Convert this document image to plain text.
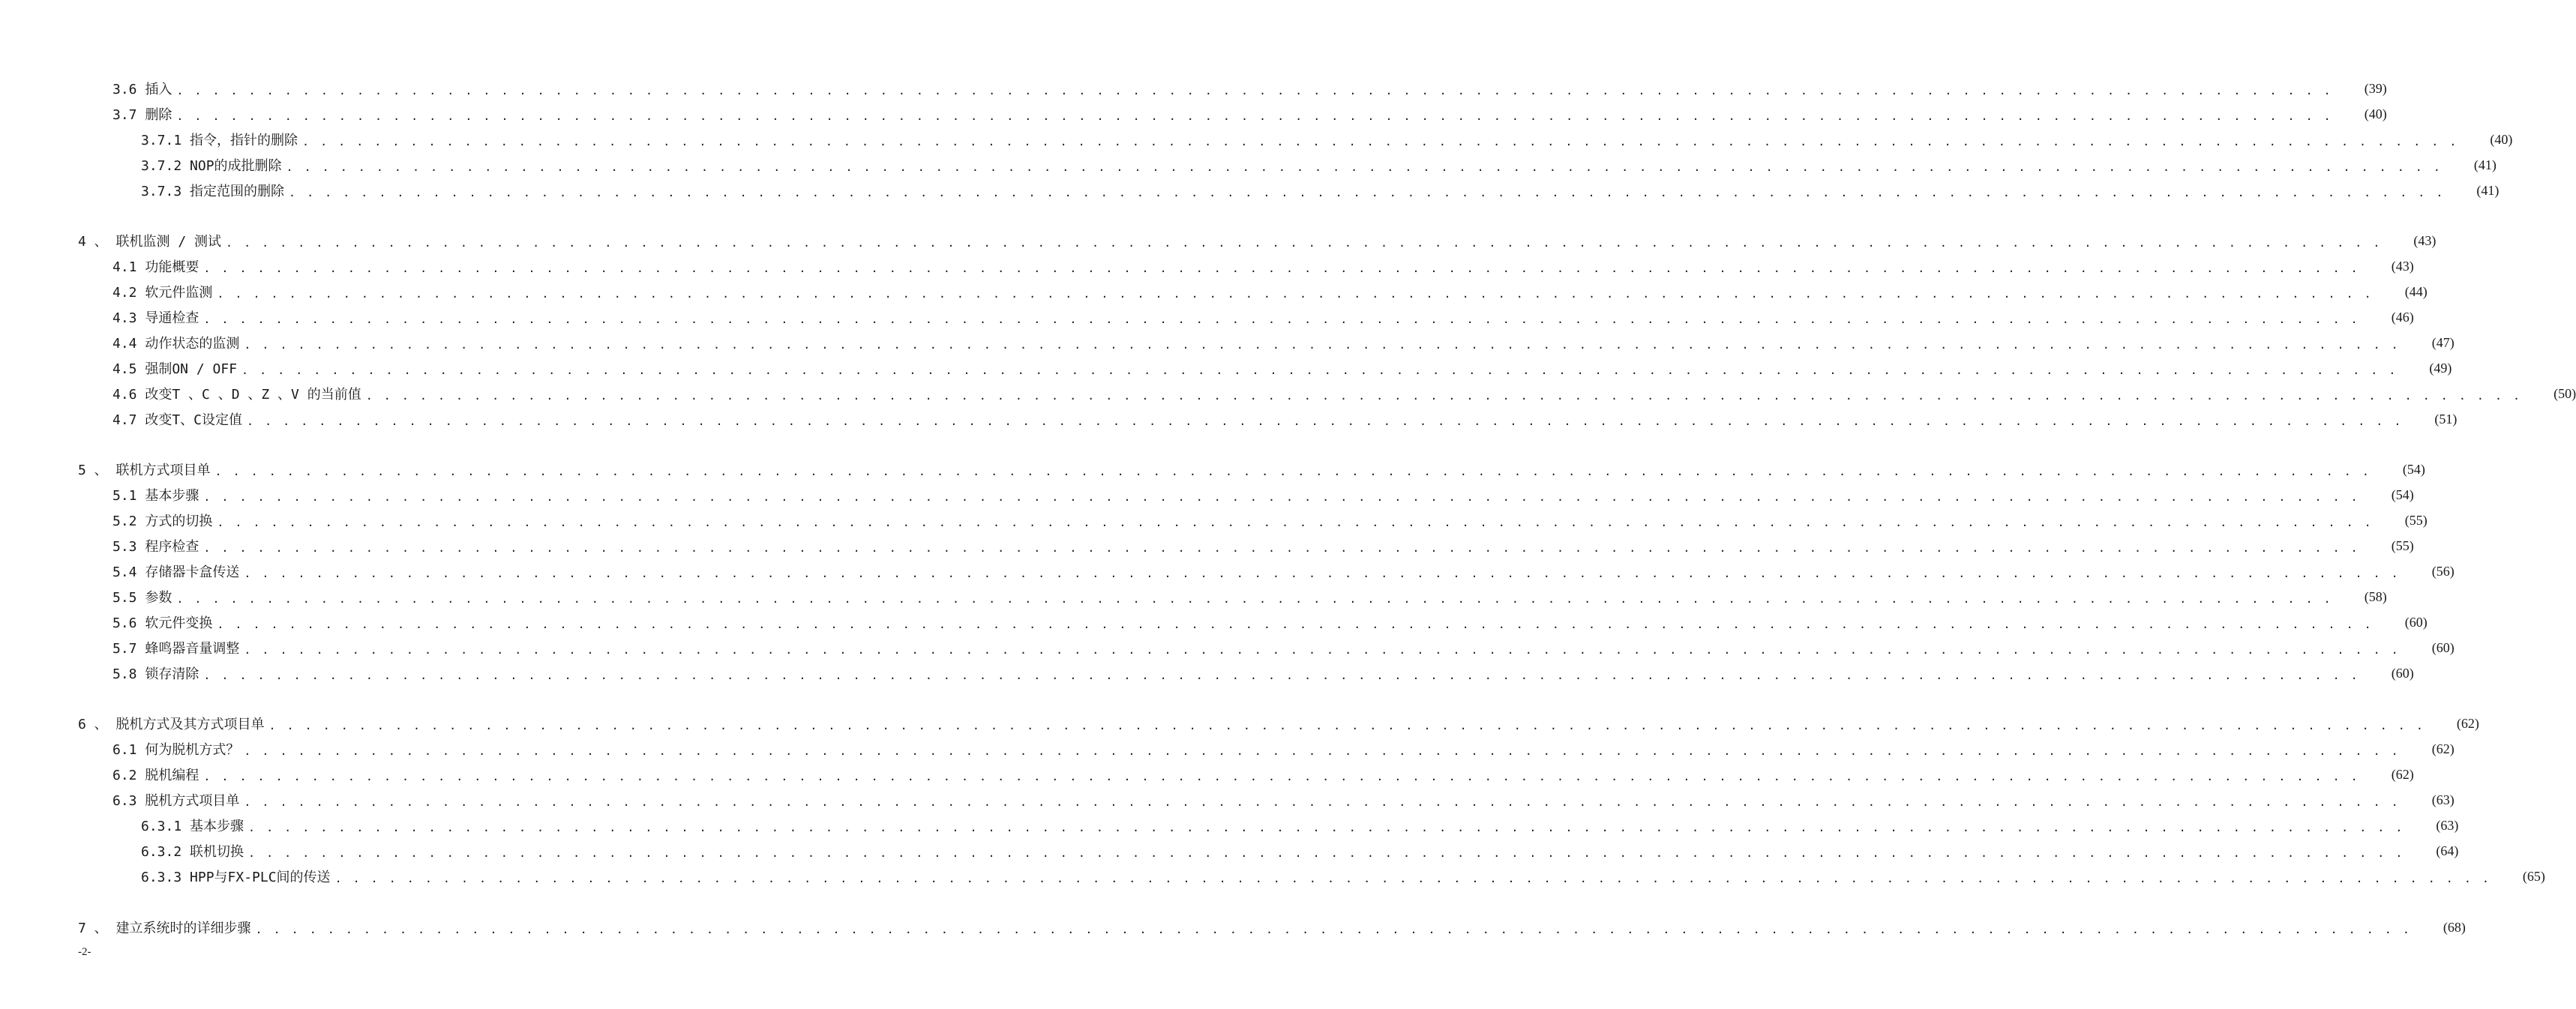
3.6 插入 . . . . . . . . . . . . . . . . . . . . . . . . . . . . . . . . . . . . . . . . . . . . . . . . . . . . . . . . . . . . . . . . . . . . . . . . . . . . . . . . . . . . . . . . . . . . . . . . . . . . . . . . . . . . . . . . . . . . . . . .	(39)
3.7 删除 . . . . . . . . . . . . . . . . . . . . . . . . . . . . . . . . . . . . . . . . . . . . . . . . . . . . . . . . . . . . . . . . . . . . . . . . . . . . . . . . . . . . . . . . . . . . . . . . . . . . . . . . . . . . . . . . . . . . . . . .	(40)
3.7.1 指令，指针的删除 . . . . . . . . . . . . . . . . . . . . . . . . . . . . . . . . . . . . . . . . . . . . . . . . . . . . . . . . . . . . . . . . . . . . . . . . . . . . . . . . . . . . . . . . . . . . . . . . . . . . . . . . . . . . . . . . . . . . . . . .	(40)
3.7.2 NOP的成批删除 . . . . . . . . . . . . . . . . . . . . . . . . . . . . . . . . . . . . . . . . . . . . . . . . . . . . . . . . . . . . . . . . . . . . . . . . . . . . . . . . . . . . . . . . . . . . . . . . . . . . . . . . . . . . . . . . . . . . . . . .	(41)
3.7.3 指定范围的删除 . . . . . . . . . . . . . . . . . . . . . . . . . . . . . . . . . . . . . . . . . . . . . . . . . . . . . . . . . . . . . . . . . . . . . . . . . . . . . . . . . . . . . . . . . . . . . . . . . . . . . . . . . . . . . . . . . . . . . . . .	(41)
4 、 联机监测 / 测试 . . . . . . . . . . . . . . . . . . . . . . . . . . . . . . . . . . . . . . . . . . . . . . . . . . . . . . . . . . . . . . . . . . . . . . . . . . . . . . . . . . . . . . . . . . . . . . . . . . . . . . . . . . . . . . . . . . . . . . . .	(43)
4.1 功能概要 . . . . . . . . . . . . . . . . . . . . . . . . . . . . . . . . . . . . . . . . . . . . . . . . . . . . . . . . . . . . . . . . . . . . . . . . . . . . . . . . . . . . . . . . . . . . . . . . . . . . . . . . . . . . . . . . . . . . . . . .	(43)
4.2 软元件监测 . . . . . . . . . . . . . . . . . . . . . . . . . . . . . . . . . . . . . . . . . . . . . . . . . . . . . . . . . . . . . . . . . . . . . . . . . . . . . . . . . . . . . . . . . . . . . . . . . . . . . . . . . . . . . . . . . . . . . . . .	(44)
4.3 导通检查 . . . . . . . . . . . . . . . . . . . . . . . . . . . . . . . . . . . . . . . . . . . . . . . . . . . . . . . . . . . . . . . . . . . . . . . . . . . . . . . . . . . . . . . . . . . . . . . . . . . . . . . . . . . . . . . . . . . . . . . .	(46)
4.4 动作状态的监测 . . . . . . . . . . . . . . . . . . . . . . . . . . . . . . . . . . . . . . . . . . . . . . . . . . . . . . . . . . . . . . . . . . . . . . . . . . . . . . . . . . . . . . . . . . . . . . . . . . . . . . . . . . . . . . . . . . . . . . . .	(47)
4.5 强制ON / OFF . . . . . . . . . . . . . . . . . . . . . . . . . . . . . . . . . . . . . . . . . . . . . . . . . . . . . . . . . . . . . . . . . . . . . . . . . . . . . . . . . . . . . . . . . . . . . . . . . . . . . . . . . . . . . . . . . . . . . . . .	(49)
4.6 改变T 、C 、D 、Z 、V 的当前值 . . . . . . . . . . . . . . . . . . . . . . . . . . . . . . . . . . . . . . . . . . . . . . . . . . . . . . . . . . . . . . . . . . . . . . . . . . . . . . . . . . . . . . . . . . . . . . . . . . . . . . . . . . . . . . . . . . . . . . . .	(50)
4.7 改变T、C设定值 . . . . . . . . . . . . . . . . . . . . . . . . . . . . . . . . . . . . . . . . . . . . . . . . . . . . . . . . . . . . . . . . . . . . . . . . . . . . . . . . . . . . . . . . . . . . . . . . . . . . . . . . . . . . . . . . . . . . . . . .	(51)
5 、 联机方式项目单 . . . . . . . . . . . . . . . . . . . . . . . . . . . . . . . . . . . . . . . . . . . . . . . . . . . . . . . . . . . . . . . . . . . . . . . . . . . . . . . . . . . . . . . . . . . . . . . . . . . . . . . . . . . . . . . . . . . . . . . .	(54)
5.1 基本步骤 . . . . . . . . . . . . . . . . . . . . . . . . . . . . . . . . . . . . . . . . . . . . . . . . . . . . . . . . . . . . . . . . . . . . . . . . . . . . . . . . . . . . . . . . . . . . . . . . . . . . . . . . . . . . . . . . . . . . . . . .	(54)
5.2 方式的切换 . . . . . . . . . . . . . . . . . . . . . . . . . . . . . . . . . . . . . . . . . . . . . . . . . . . . . . . . . . . . . . . . . . . . . . . . . . . . . . . . . . . . . . . . . . . . . . . . . . . . . . . . . . . . . . . . . . . . . . . .	(55)
5.3 程序检查 . . . . . . . . . . . . . . . . . . . . . . . . . . . . . . . . . . . . . . . . . . . . . . . . . . . . . . . . . . . . . . . . . . . . . . . . . . . . . . . . . . . . . . . . . . . . . . . . . . . . . . . . . . . . . . . . . . . . . . . .	(55)
5.4 存储器卡盒传送 . . . . . . . . . . . . . . . . . . . . . . . . . . . . . . . . . . . . . . . . . . . . . . . . . . . . . . . . . . . . . . . . . . . . . . . . . . . . . . . . . . . . . . . . . . . . . . . . . . . . . . . . . . . . . . . . . . . . . . . .	(56)
5.5 参数 . . . . . . . . . . . . . . . . . . . . . . . . . . . . . . . . . . . . . . . . . . . . . . . . . . . . . . . . . . . . . . . . . . . . . . . . . . . . . . . . . . . . . . . . . . . . . . . . . . . . . . . . . . . . . . . . . . . . . . . .	(58)
5.6 软元件变换 . . . . . . . . . . . . . . . . . . . . . . . . . . . . . . . . . . . . . . . . . . . . . . . . . . . . . . . . . . . . . . . . . . . . . . . . . . . . . . . . . . . . . . . . . . . . . . . . . . . . . . . . . . . . . . . . . . . . . . . .	(60)
5.7 蜂鸣器音量调整 . . . . . . . . . . . . . . . . . . . . . . . . . . . . . . . . . . . . . . . . . . . . . . . . . . . . . . . . . . . . . . . . . . . . . . . . . . . . . . . . . . . . . . . . . . . . . . . . . . . . . . . . . . . . . . . . . . . . . . . .	(60)
5.8 锁存清除 . . . . . . . . . . . . . . . . . . . . . . . . . . . . . . . . . . . . . . . . . . . . . . . . . . . . . . . . . . . . . . . . . . . . . . . . . . . . . . . . . . . . . . . . . . . . . . . . . . . . . . . . . . . . . . . . . . . . . . . .	(60)
6 、 脱机方式及其方式项目单 . . . . . . . . . . . . . . . . . . . . . . . . . . . . . . . . . . . . . . . . . . . . . . . . . . . . . . . . . . . . . . . . . . . . . . . . . . . . . . . . . . . . . . . . . . . . . . . . . . . . . . . . . . . . . . . . . . . . . . . .	(62)
6.1 何为脱机方式？ . . . . . . . . . . . . . . . . . . . . . . . . . . . . . . . . . . . . . . . . . . . . . . . . . . . . . . . . . . . . . . . . . . . . . . . . . . . . . . . . . . . . . . . . . . . . . . . . . . . . . . . . . . . . . . . . . . . . . . . .	(62)
6.2 脱机编程 . . . . . . . . . . . . . . . . . . . . . . . . . . . . . . . . . . . . . . . . . . . . . . . . . . . . . . . . . . . . . . . . . . . . . . . . . . . . . . . . . . . . . . . . . . . . . . . . . . . . . . . . . . . . . . . . . . . . . . . .	(62)
6.3 脱机方式项目单 . . . . . . . . . . . . . . . . . . . . . . . . . . . . . . . . . . . . . . . . . . . . . . . . . . . . . . . . . . . . . . . . . . . . . . . . . . . . . . . . . . . . . . . . . . . . . . . . . . . . . . . . . . . . . . . . . . . . . . . .	(63)
6.3.1 基本步骤 . . . . . . . . . . . . . . . . . . . . . . . . . . . . . . . . . . . . . . . . . . . . . . . . . . . . . . . . . . . . . . . . . . . . . . . . . . . . . . . . . . . . . . . . . . . . . . . . . . . . . . . . . . . . . . . . . . . . . . . .	(63)
6.3.2 联机切换 . . . . . . . . . . . . . . . . . . . . . . . . . . . . . . . . . . . . . . . . . . . . . . . . . . . . . . . . . . . . . . . . . . . . . . . . . . . . . . . . . . . . . . . . . . . . . . . . . . . . . . . . . . . . . . . . . . . . . . . .	(64)
6.3.3 HPP与FX-PLC间的传送 . . . . . . . . . . . . . . . . . . . . . . . . . . . . . . . . . . . . . . . . . . . . . . . . . . . . . . . . . . . . . . . . . . . . . . . . . . . . . . . . . . . . . . . . . . . . . . . . . . . . . . . . . . . . . . . . . . . . . . . .	(65)
7 、 建立系统时的详细步骤 . . . . . . . . . . . . . . . . . . . . . . . . . . . . . . . . . . . . . . . . . . . . . . . . . . . . . . . . . . . . . . . . . . . . . . . . . . . . . . . . . . . . . . . . . . . . . . . . . . . . . . . . . . . . . . . . . . . . . . . .	(68)
-2-
